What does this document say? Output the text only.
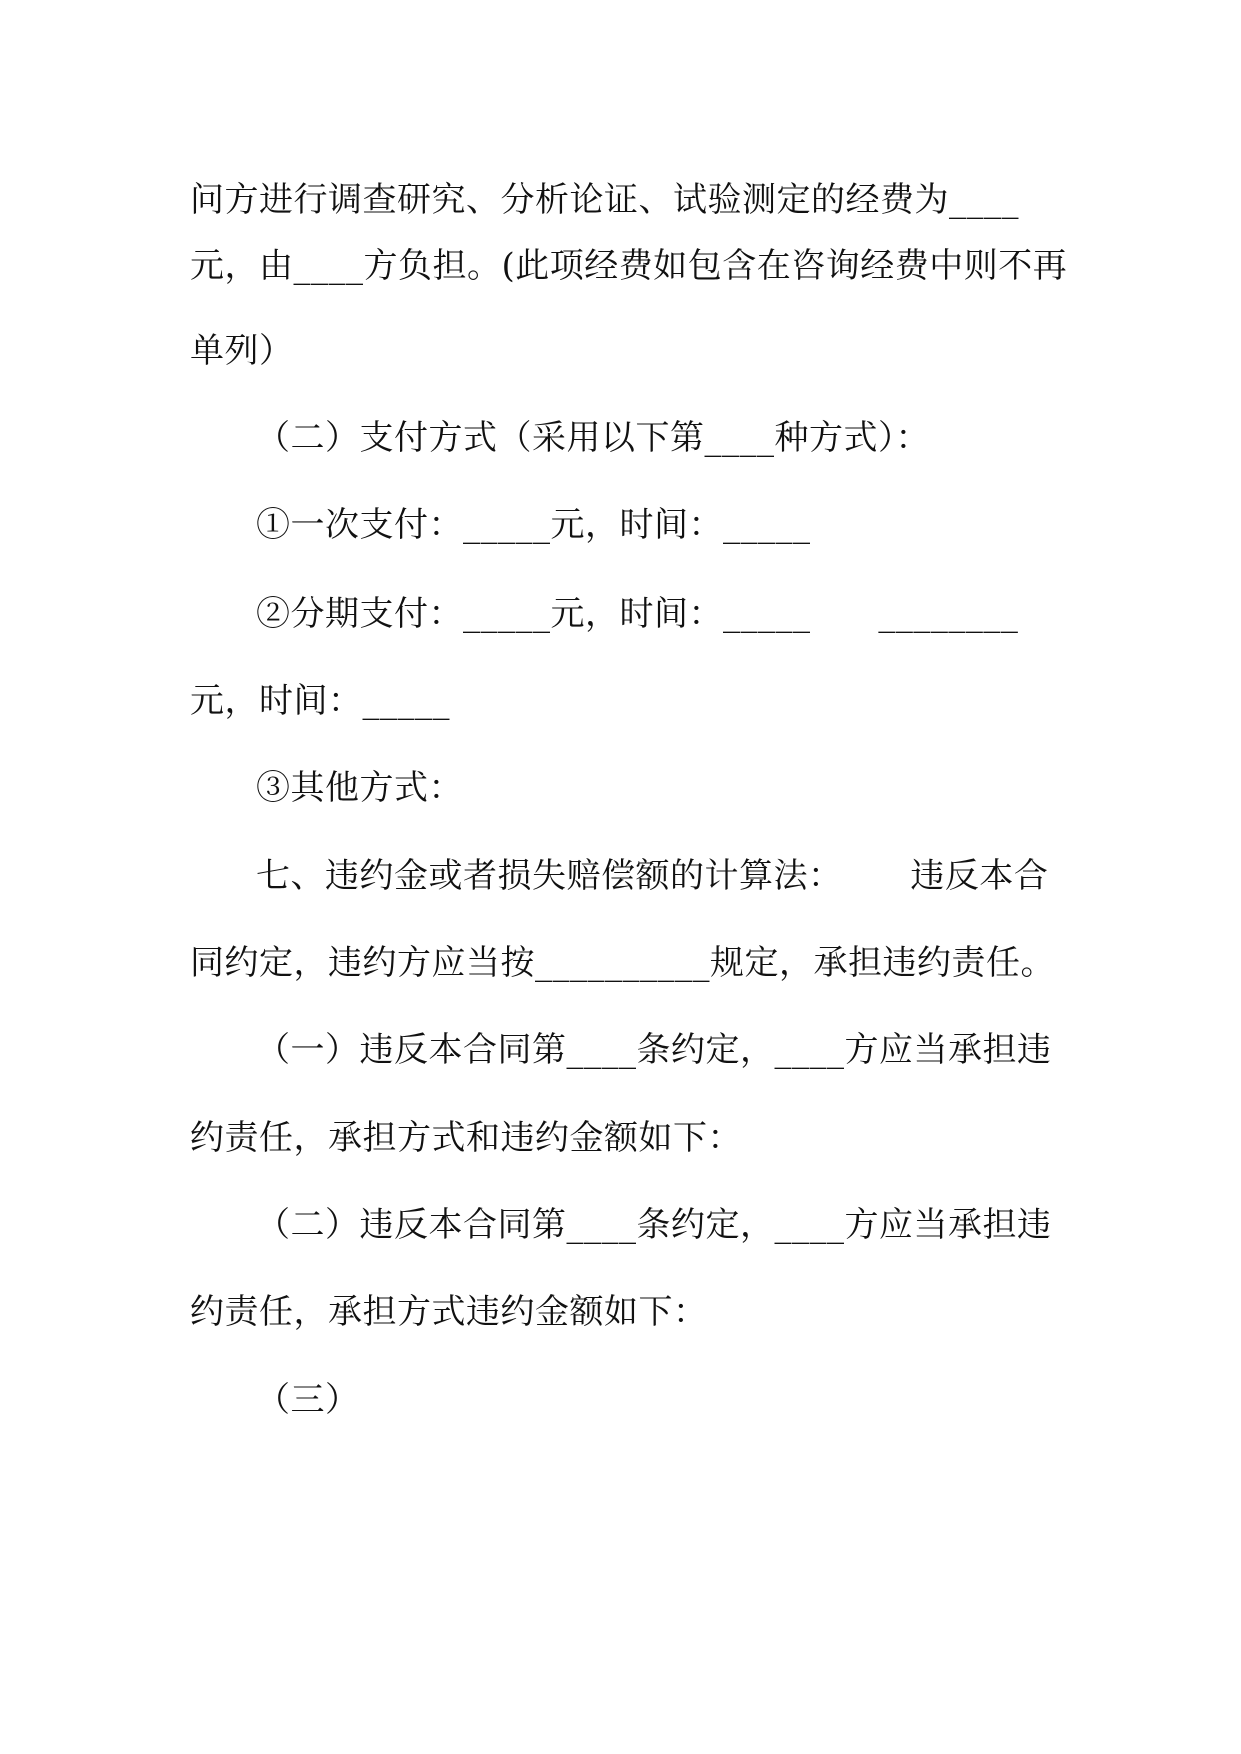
问方进行调查研究、分析论证、试验测定的经费为____
元，由____方负担。(此项经费如包含在咨询经费中则不再
单列）
（二）支付方式（采用以下第____种方式）：
①一次支付：_____元，时间：_____
②分期支付：_____元，时间：_____      ________
元，时间：_____
③其他方式：
七、违约金或者损失赔偿额的计算法：      违反本合
同约定，违约方应当按__________规定，承担违约责任。
（一）违反本合同第____条约定，____方应当承担违
约责任，承担方式和违约金额如下：
（二）违反本合同第____条约定，____方应当承担违
约责任，承担方式违约金额如下：
（三）
